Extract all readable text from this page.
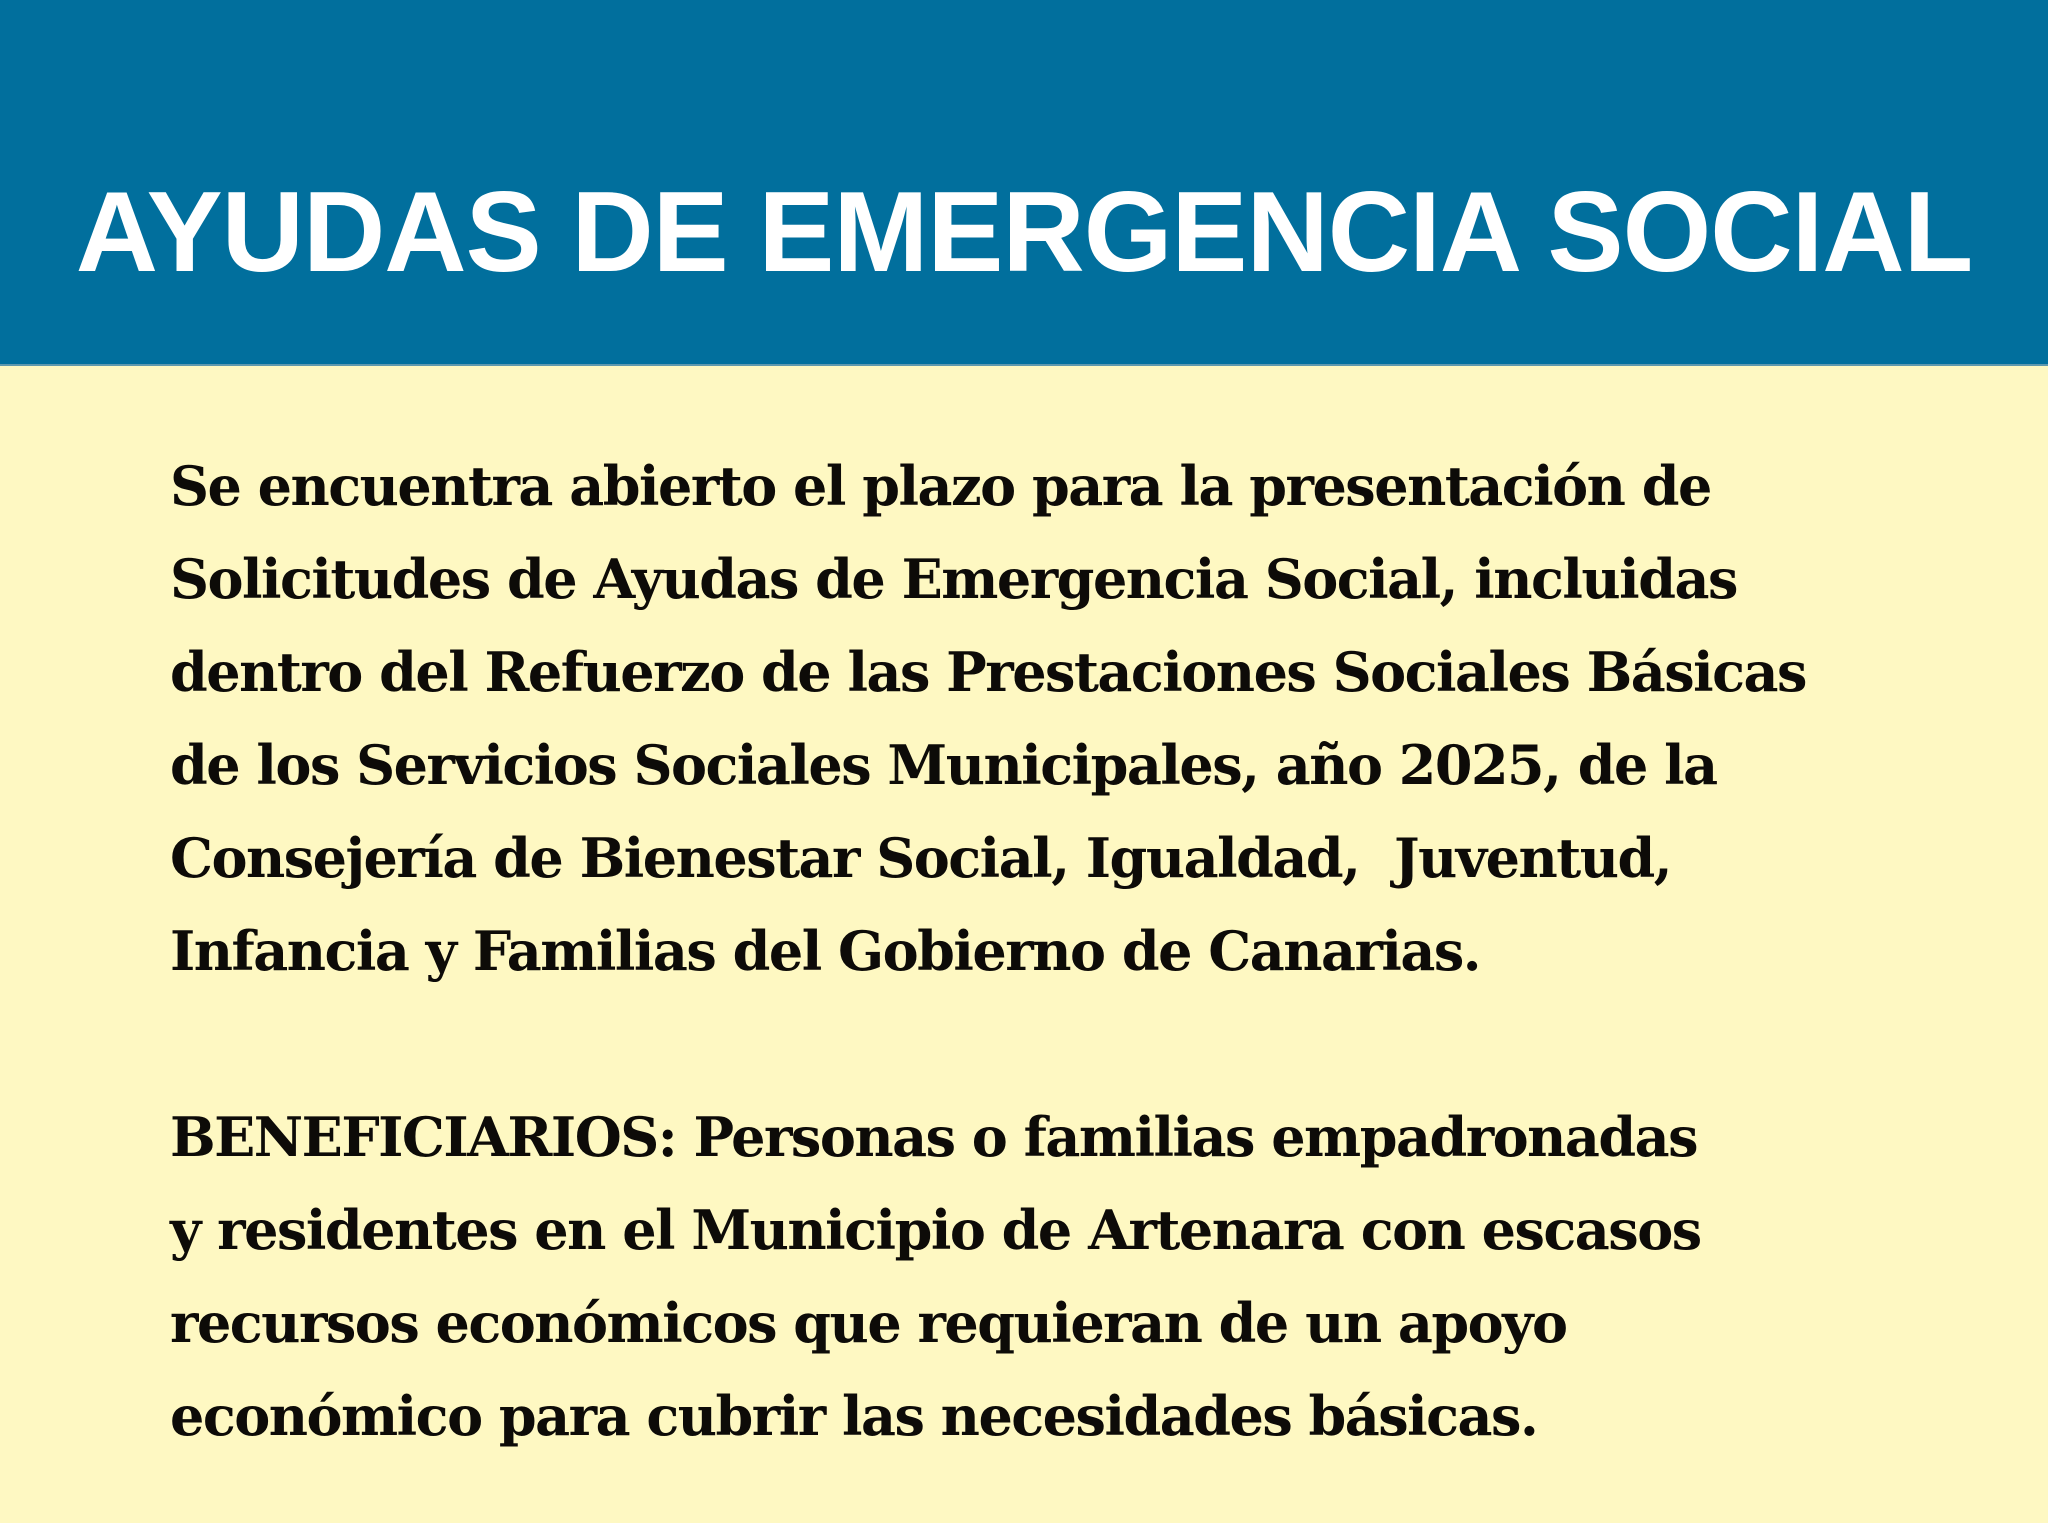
AYUDAS DE EMERGENCIA SOCIAL
Se encuentra abierto el plazo para la presentación de
Solicitudes de Ayudas de Emergencia Social, incluidas
dentro del Refuerzo de las Prestaciones Sociales Básicas
de los Servicios Sociales Municipales, año 2025, de la
Consejería de Bienestar Social, Igualdad,  Juventud,
Infancia y Familias del Gobierno de Canarias.
BENEFICIARIOS: Personas o familias empadronadas
y residentes en el Municipio de Artenara con escasos
recursos económicos que requieran de un apoyo
económico para cubrir las necesidades básicas.
